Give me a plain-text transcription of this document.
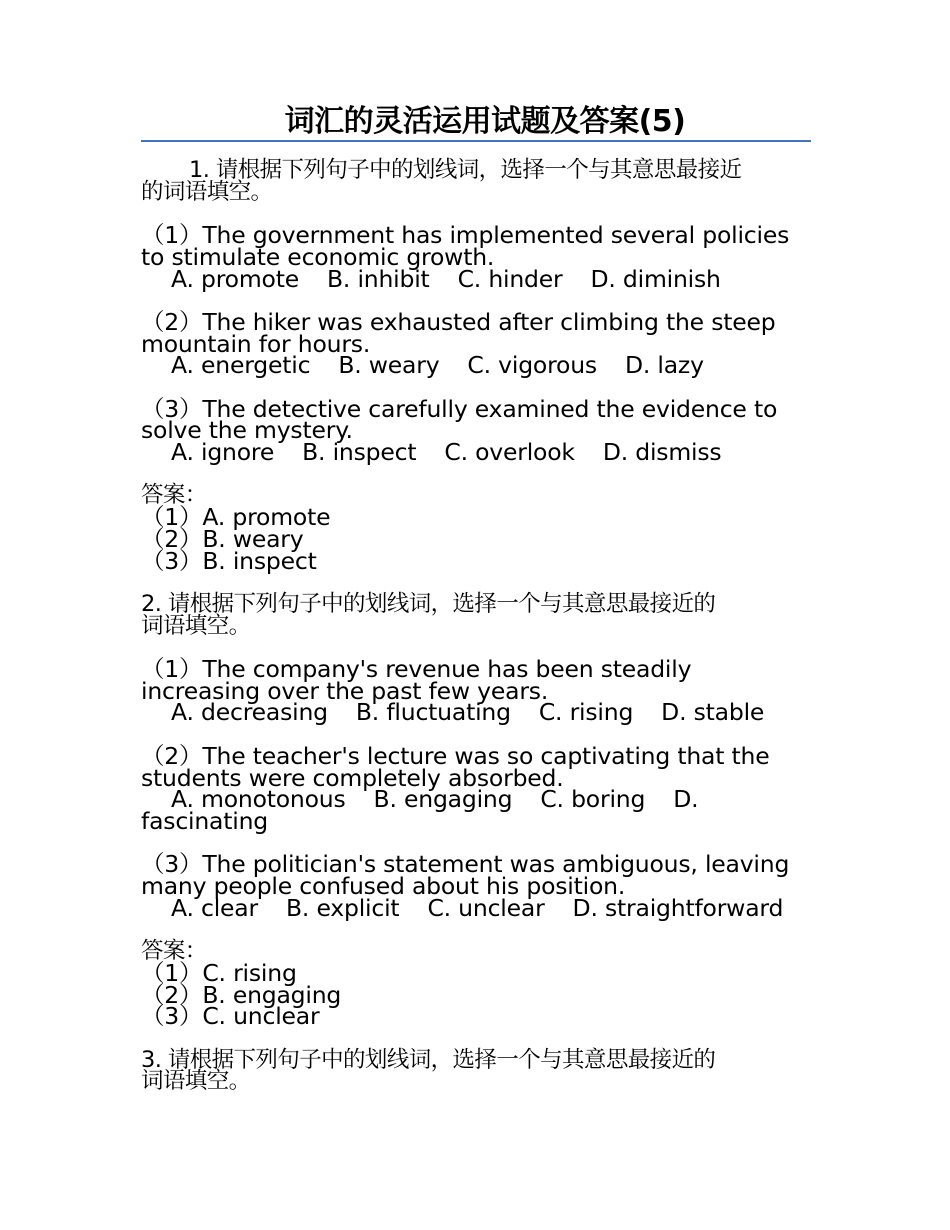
词汇的灵活运用试题及答案(5)
1. 请根据下列句子中的划线词，选择一个与其意思最接近
的词语填空。
（1）The government has implemented several policies
to stimulate economic growth.
A. promote B. inhibit C. hinder D. diminish
（2）The hiker was exhausted after climbing the steep
mountain for hours.
A. energetic B. weary C. vigorous D. lazy
（3）The detective carefully examined the evidence to
solve the mystery.
A. ignore B. inspect C. overlook D. dismiss
答案：
（1）A. promote
（2）B. weary
（3）B. inspect
2. 请根据下列句子中的划线词，选择一个与其意思最接近的
词语填空。
（1）The company's revenue has been steadily
increasing over the past few years.
A. decreasing B. fluctuating C. rising D. stable
（2）The teacher's lecture was so captivating that the
students were completely absorbed.
A. monotonous B. engaging C. boring D.
fascinating
（3）The politician's statement was ambiguous, leaving
many people confused about his position.
A. clear B. explicit C. unclear D. straightforward
答案：
（1）C. rising
（2）B. engaging
（3）C. unclear
3. 请根据下列句子中的划线词，选择一个与其意思最接近的
词语填空。
